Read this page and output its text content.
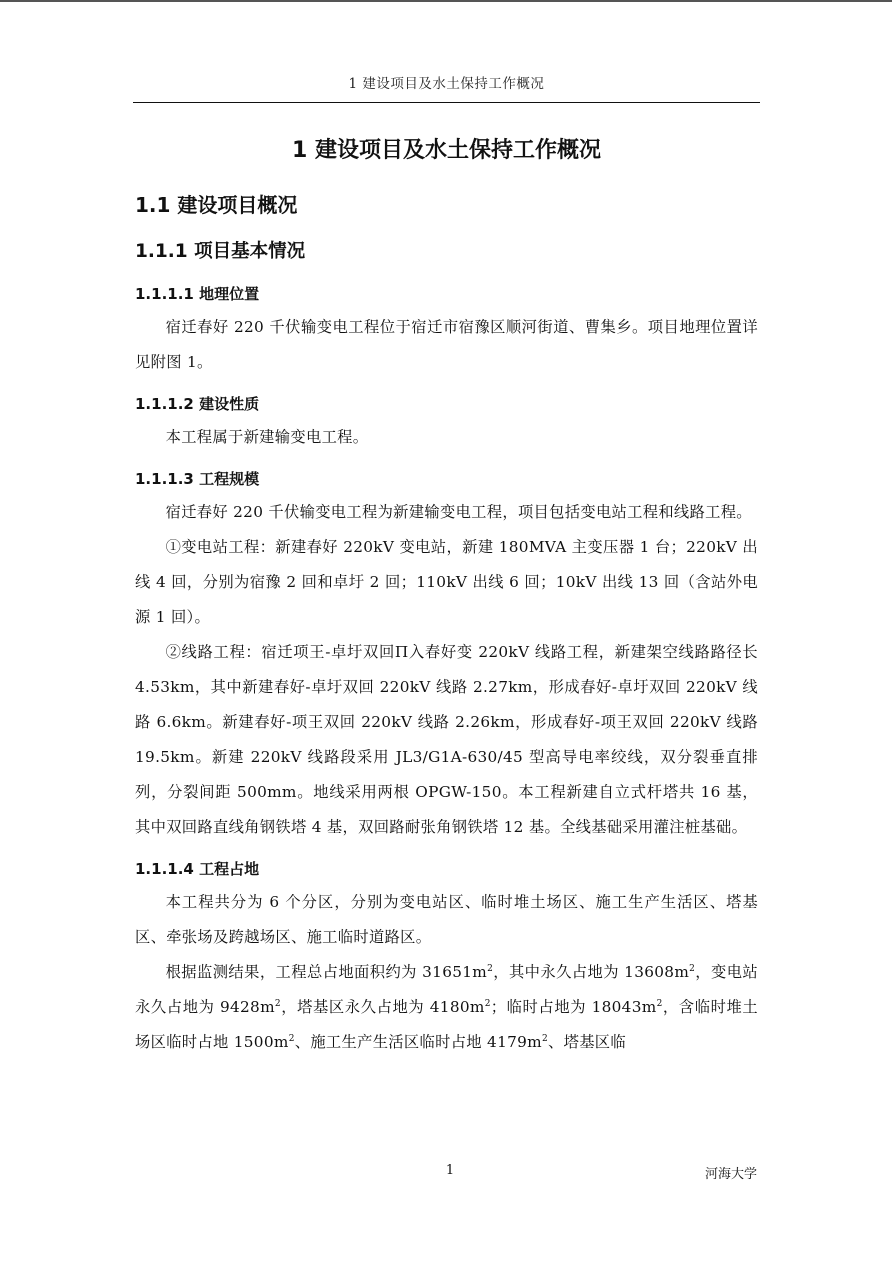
1 建设项目及水土保持工作概况
1 建设项目及水土保持工作概况
1.1 建设项目概况
1.1.1 项目基本情况
1.1.1.1 地理位置

宿迁春好 220 千伏输变电工程位于宿迁市宿豫区顺河街道、曹集乡。项目地理位置详见附图 1。

1.1.1.2 建设性质

本工程属于新建输变电工程。

1.1.1.3 工程规模

宿迁春好 220 千伏输变电工程为新建输变电工程，项目包括变电站工程和线路工程。

①变电站工程：新建春好 220kV 变电站，新建 180MVA 主变压器 1 台；220kV 出线 4 回，分别为宿豫 2 回和卓圩 2 回；110kV 出线 6 回；10kV 出线 13 回（含站外电源 1 回）。

②线路工程：宿迁项王-卓圩双回Π入春好变 220kV 线路工程，新建架空线路路径长 4.53km，其中新建春好-卓圩双回 220kV 线路 2.27km，形成春好-卓圩双回 220kV 线路 6.6km。新建春好-项王双回 220kV 线路 2.26km，形成春好-项王双回 220kV 线路 19.5km。新建 220kV 线路段采用 JL3/G1A-630/45 型高导电率绞线，双分裂垂直排列，分裂间距 500mm。地线采用两根 OPGW-150。本工程新建自立式杆塔共 16 基，其中双回路直线角钢铁塔 4 基，双回路耐张角钢铁塔 12 基。全线基础采用灌注桩基础。

1.1.1.4 工程占地

本工程共分为 6 个分区，分别为变电站区、临时堆土场区、施工生产生活区、塔基区、牵张场及跨越场区、施工临时道路区。

根据监测结果，工程总占地面积约为 $31651m^2$，其中永久占地为 $13608m^2$，变电站永久占地为 $9428m^2$，塔基区永久占地为 $4180m^2$；临时占地为 $18043m^2$，含临时堆土场区临时占地 $1500m^2$、施工生产生活区临时占地 $4179m^2$、塔基区临

1	河海大学
